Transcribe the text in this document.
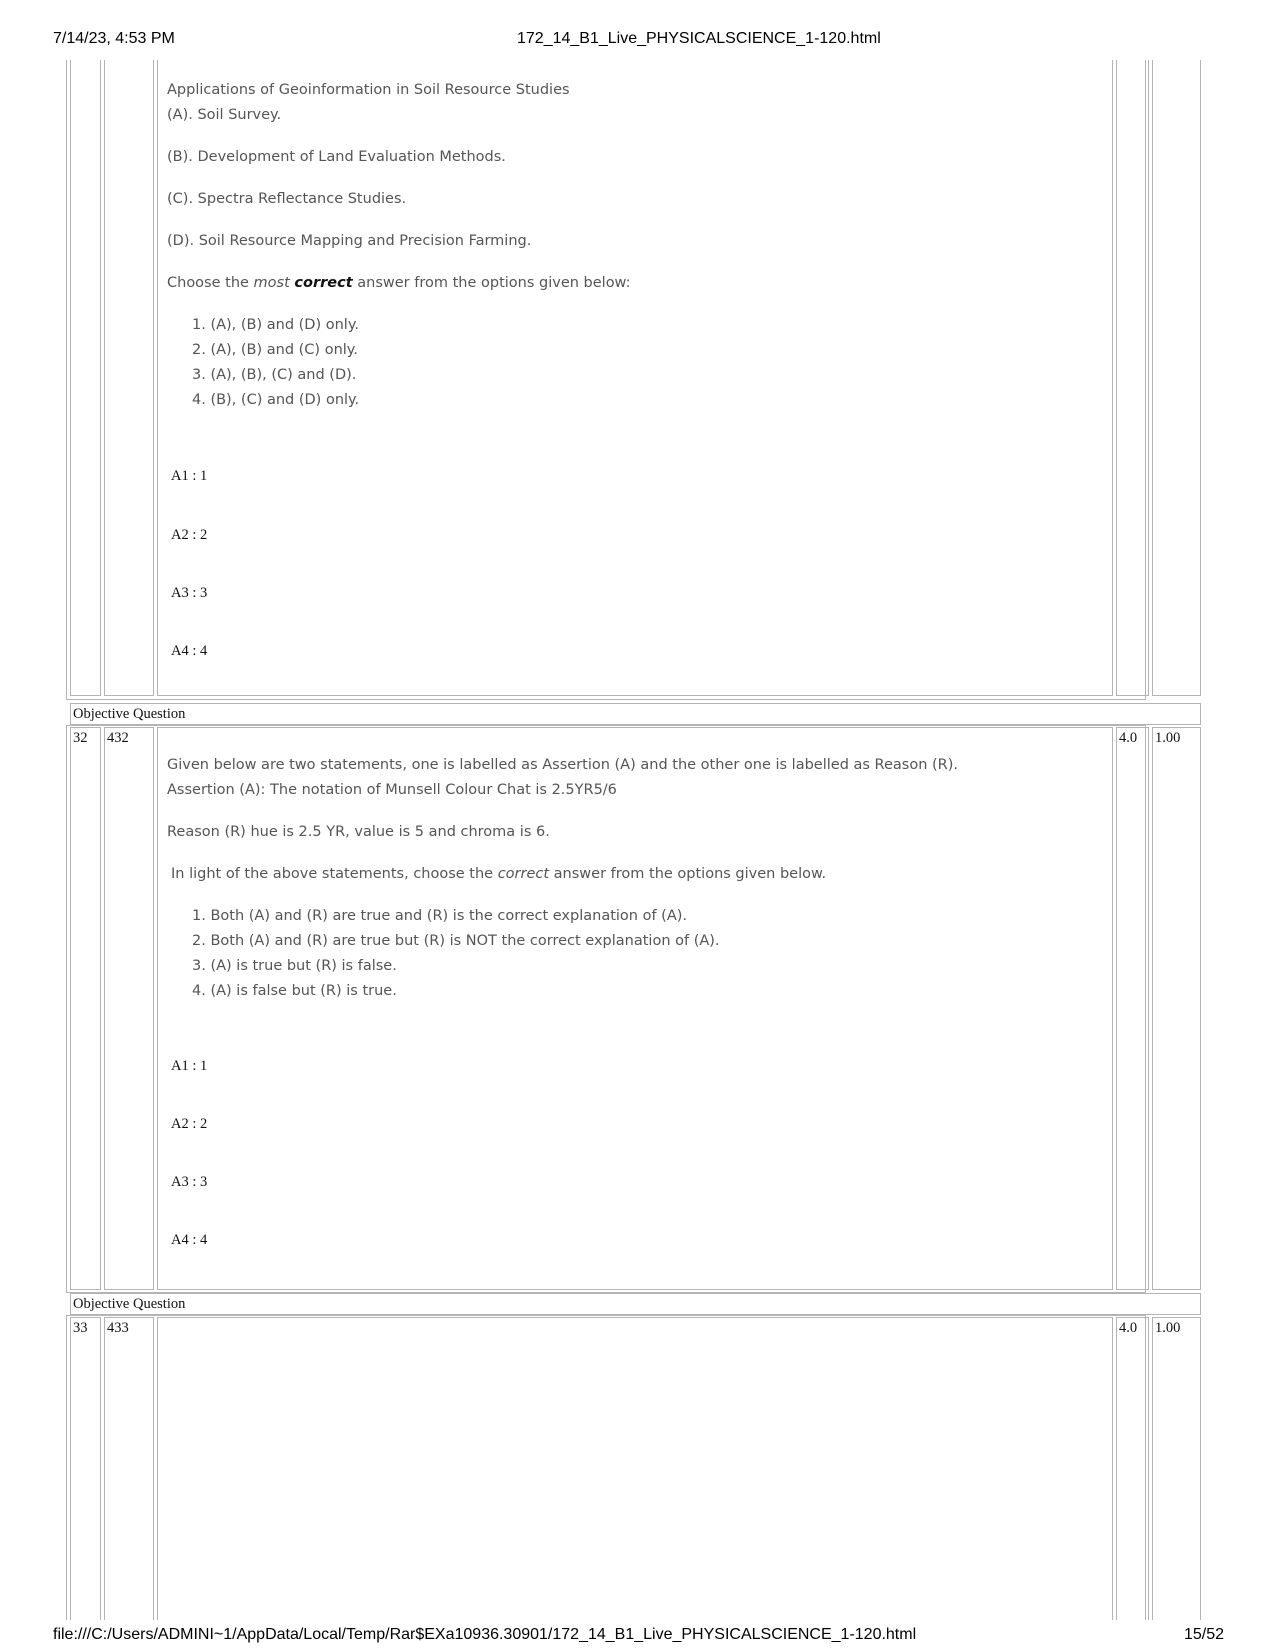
7/14/23, 4:53 PM	172_14_B1_Live_PHYSICALSCIENCE_1-120.html
Applications of Geoinformation in Soil Resource Studies
(A). Soil Survey.
(B). Development of Land Evaluation Methods.
(C). Spectra Reflectance Studies.
(D). Soil Resource Mapping and Precision Farming.
Choose the most correct answer from the options given below:
1. (A), (B) and (D) only.
2. (A), (B) and (C) only.
3. (A), (B), (C) and (D).
4. (B), (C) and (D) only.
A1 : 1
A2 : 2
A3 : 3
A4 : 4
Objective Question
32 432	4.0 1.00
Given below are two statements, one is labelled as Assertion (A) and the other one is labelled as Reason (R).
Assertion (A): The notation of Munsell Colour Chat is 2.5YR5/6
Reason (R) hue is 2.5 YR, value is 5 and chroma is 6.
In light of the above statements, choose the correct answer from the options given below.
1. Both (A) and (R) are true and (R) is the correct explanation of (A).
2. Both (A) and (R) are true but (R) is NOT the correct explanation of (A).
3. (A) is true but (R) is false.
4. (A) is false but (R) is true.
A1 : 1
A2 : 2
A3 : 3
A4 : 4
Objective Question
33 433	4.0 1.00
file:///C:/Users/ADMINI~1/AppData/Local/Temp/Rar$EXa10936.30901/172_14_B1_Live_PHYSICALSCIENCE_1-120.html	15/52
